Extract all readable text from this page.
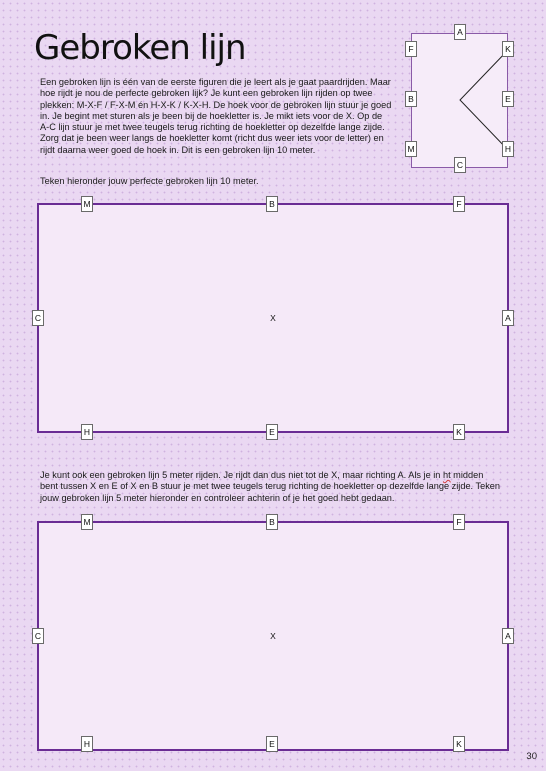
Gebroken lijn

Een gebroken lijn is één van de eerste figuren die je leert als je gaat paardrijden. Maar hoe rijdt je nou de perfecte gebroken lijk? Je kunt een gebroken lijn rijden op twee plekken: M-X-F / F-X-M én H-X-K / K-X-H. De hoek voor de gebroken lijn stuur je goed in. Je begint met sturen als je been bij de hoekletter is. Je mikt iets voor de X. Op de A-C lijn stuur je met twee teugels terug richting de hoekletter op dezelfde lange zijde. Zorg dat je been weer langs de hoekletter komt (richt dus weer iets voor de letter) en rijdt daarna weer goed de hoek in. Dit is een gebroken lijn 10 meter.

Teken hieronder jouw perfecte gebroken lijn 10 meter.

A
C
F
B
M
K
E
H
M	B	F
C	X	A
H	E	K

Je kunt ook een gebroken lijn 5 meter rijden. Je rijdt dan dus niet tot de X, maar richting A. Als je in ht midden bent tussen X en E of X en B stuur je met twee teugels terug richting de hoekletter op dezelfde lange zijde. Teken jouw gebroken lijn 5 meter hieronder en controleer achterin of je het goed hebt gedaan.

M	B	F
C	X	A
H	E	K
30
